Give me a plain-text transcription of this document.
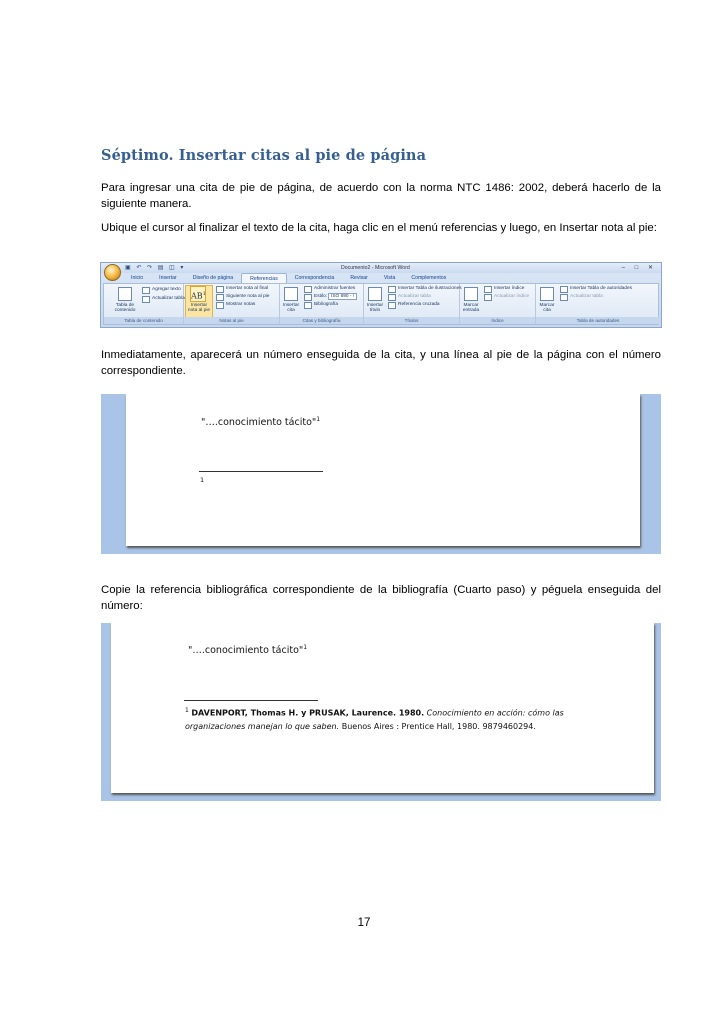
Séptimo. Insertar citas al pie de página
Para ingresar una cita de pie de página, de acuerdo con la norma NTC 1486: 2002, deberá hacerlo de la siguiente manera.
Ubique el cursor al finalizar el texto de la cita, haga clic en el menú referencias y luego, en Insertar nota al pie:
▣ ↶ ↷ ▤ ◫ ▾	Documento2 - Microsoft Word	– □ ✕
Inicio	Insertar	Diseño de página	Referencias	Correspondencia	Revisar	Vista	Complementos
Tabla de contenido
Agregar texto
Actualizar tabla
Tabla de contenido
$AB^1$
Insertar nota al pie
Insertar nota al final
Siguiente nota al pie
Mostrar notas
Notas al pie
Insertar cita
Administrar fuentes
Estilo: ISO 690 - !
Bibliografía
Citas y bibliografía
Insertar título
Insertar Tabla de ilustraciones
Actualizar tabla
Referencia cruzada
Títulos
Marcar entrada
Insertar índice
Actualizar índice
Índice
Marcar cita
Insertar Tabla de autoridades
Actualizar tabla
Tabla de autoridades
Inmediatamente, aparecerá un número enseguida de la cita, y una línea al pie de la página con el número correspondiente.
"….conocimiento tácito"$^1$
1
Copie la referencia bibliográfica correspondiente de la bibliografía (Cuarto paso) y péguela enseguida del número:
"….conocimiento tácito"$^1$
$^1$ DAVENPORT, Thomas H. y PRUSAK, Laurence. 1980. Conocimiento en acción: cómo las organizaciones manejan lo que saben. Buenos Aires : Prentice Hall, 1980. 9879460294.
17
